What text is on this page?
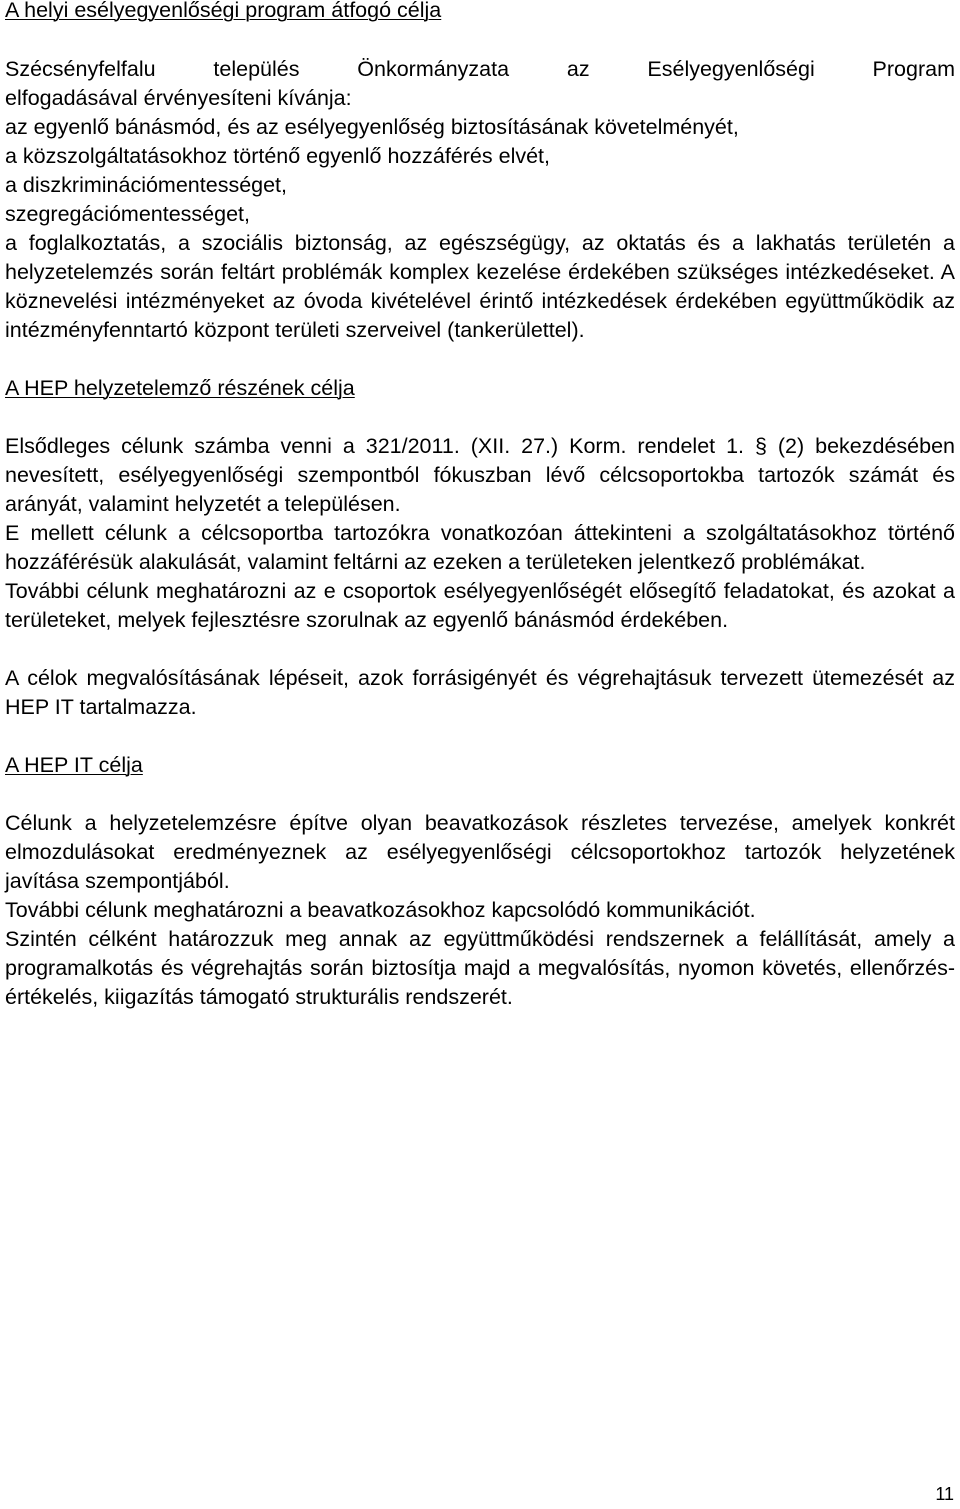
A helyi esélyegyenlőségi program átfogó célja

Szécsényfelfalu település Önkormányzata az Esélyegyenlőségi Program

elfogadásával érvényesíteni kívánja:

az egyenlő bánásmód, és az esélyegyenlőség biztosításának követelményét,

a közszolgáltatásokhoz történő egyenlő hozzáférés elvét,

a diszkriminációmentességet,

szegregációmentességet,

a foglalkoztatás, a szociális biztonság, az egészségügy, az oktatás és a lakhatás területén a helyzetelemzés során feltárt problémák komplex kezelése érdekében szükséges intézkedéseket. A köznevelési intézményeket az óvoda kivételével érintő intézkedések érdekében együttműködik az intézményfenntartó központ területi szerveivel (tankerülettel).

A HEP helyzetelemző részének célja

Elsődleges célunk számba venni a 321/2011. (XII. 27.) Korm. rendelet 1. § (2) bekezdésében nevesített, esélyegyenlőségi szempontból fókuszban lévő célcsoportokba tartozók számát és arányát, valamint helyzetét a településen.

E mellett célunk a célcsoportba tartozókra vonatkozóan áttekinteni a szolgáltatásokhoz történő hozzáférésük alakulását, valamint feltárni az ezeken a területeken jelentkező problémákat.

További célunk meghatározni az e csoportok esélyegyenlőségét elősegítő feladatokat, és azokat a területeket, melyek fejlesztésre szorulnak az egyenlő bánásmód érdekében.

A célok megvalósításának lépéseit, azok forrásigényét és végrehajtásuk tervezett ütemezését az HEP IT tartalmazza.

A HEP IT célja

Célunk a helyzetelemzésre építve olyan beavatkozások részletes tervezése, amelyek konkrét elmozdulásokat eredményeznek az esélyegyenlőségi célcsoportokhoz tartozók helyzetének javítása szempontjából.

További célunk meghatározni a beavatkozásokhoz kapcsolódó kommunikációt.

Szintén célként határozzuk meg annak az együttműködési rendszernek a felállítását, amely a programalkotás és végrehajtás során biztosítja majd a megvalósítás, nyomon követés, ellenőrzés-értékelés, kiigazítás támogató strukturális rendszerét.

11
